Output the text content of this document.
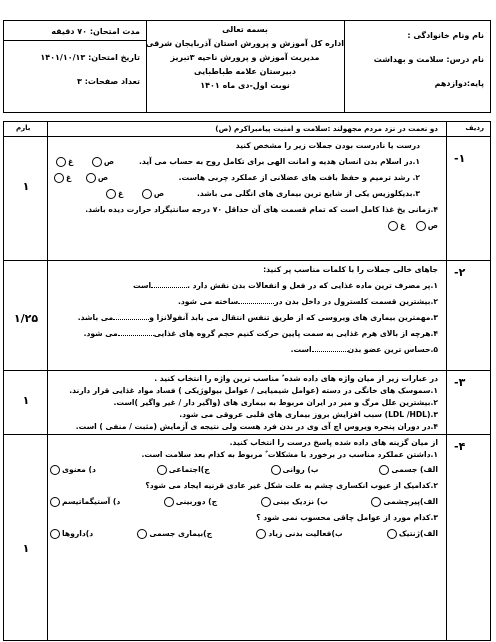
نام ونام خانوادگی :
نام درس: سلامت و بهداشت
پایه:دوازدهم
بسمه تعالی
اداره کل آموزش و پرورش استان آذربایجان شرقی
مدیریت آموزش و پرورش ناحیه ۳تبریز
دبیرستان علامه طباطبایی
نوبت اول-دی ماه ۱۴۰۱
مدت امتحان: ۷۰ دقیقه
تاریخ امتحان: ۱۴۰۱/۱۰/۱۳
تعداد صفحات: ۳
ردیف
دو نعمت در نزد مردم مجهولند :سلامت و امنیت پیامبراکرم (ص)
بارم
-۱
۱
درست یا نادرست بودن جملات زیر را مشخص کنید
۱.در اسلام بدن انسان هدیه و امانت الهی برای تکامل روح به حساب می آید.
۲. رشد ترمیم و حفظ بافت های عضلانی از عملکرد چربی هاست.
۳.بدیکلوزیس یکی از شایع ترین بیماری های انگلی می باشد.
۴.زمانی یخ غذا کامل است که تمام قسمت های آن حداقل ۷۰ درجه سانتیگراد حرارت دیده باشد.
ص غ
ص غ
ص غ
ص غ
-۲
۱/۲۵
جاهای خالی جملات را با کلمات مناسب پر کنید:
۱.پر مصرف ترین ماده غذایی که در فعل و انفعالات بدن نقش دارد .است
۲.بیشترین قسمت کلسترول در داخل بدن درساخته می شود.
۳.مهمترین بیماری های ویروسی که از طریق تنفس انتقال می یابد آنفولانزا ومی باشد.
۴.هرچه از بالای هرم غذایی به سمت پایین حرکت کنیم حجم گروه های غذاییمی شود.
۵.حساس ترین عضو بدناست.
-۳
۱
در عبارات زیر از میان واژه های داده شده ٌ مناسب ترین واژه را انتخاب کنید .
۱.سموسک های خانگی در دسته (عوامل شیمیایی / عوامل بیولوژیکی ) فساد مواد غذایی قرار دارند.
۲.بیشترین علل مرگ و میر در ایران مربوط به بیماری های (واگیر دار / غیر واگیر )است.
۳.(LDL /HDL) سبب افزایش بروز بیماری های قلبی عروقی می شود.
۴.در دوران پنجره ویروس اچ آی وی در بدن فرد هست ولی نتیجه ی آزمایش (مثبت / منفی ) است.
-۴
۱
از میان گزینه های داده شده پاسخ درست را انتخاب کنید.
۱.داشتن عملکرد مناسب در برخورد با مشکلات ٌ مربوط به کدام بعد سلامت است.
الف) جسمی
ب) روانی
ج)اجتماعی
د) معنوی
۲.کدامیک از عیوب انکساری چشم به علت شکل غیر عادی قرنیه ایجاد می شود؟
الف)پیرچشمی
ب) نزدیک بینی
ج) دوربینی
د) آستیگماتیسم
۳.کدام مورد از عوامل چاقی محسوب نمی شود ؟
الف)ژنتیک
ب)فعالیت بدنی زیاد
ج)بیماری جسمی
د)داروها
